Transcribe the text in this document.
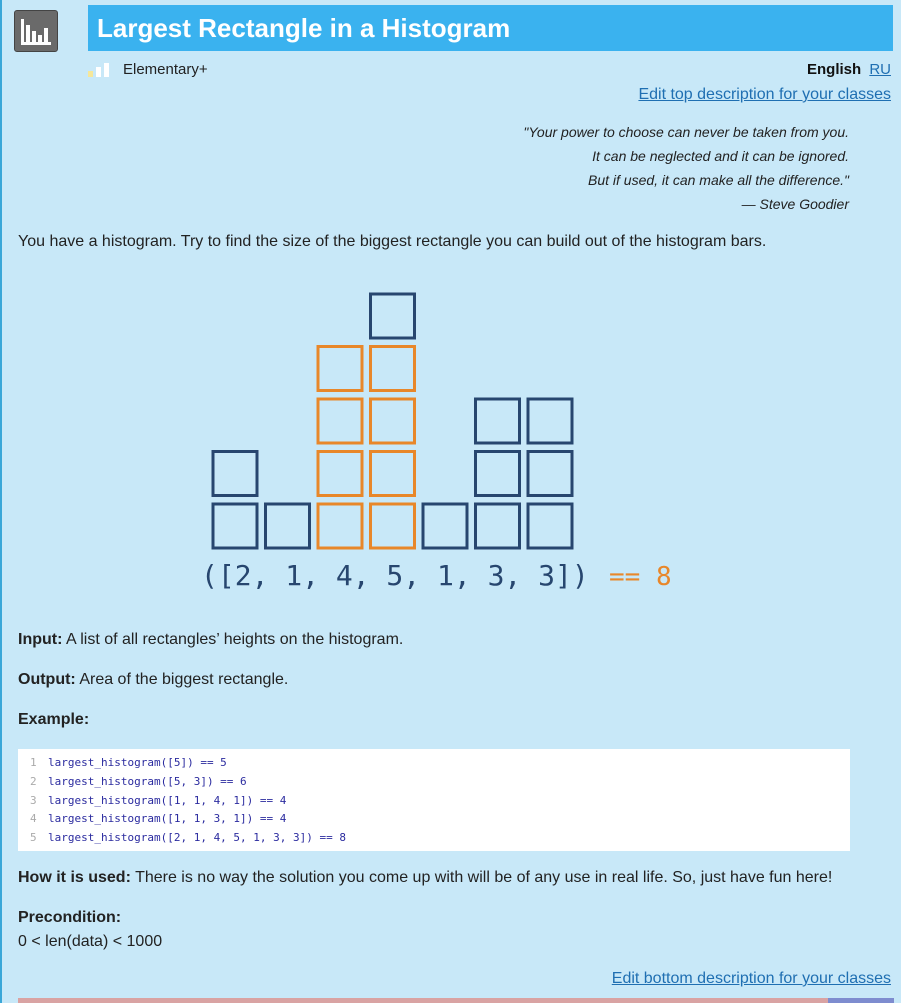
Largest Rectangle in a Histogram
Elementary+	English RU
Edit top description for your classes
"Your power to choose can never be taken from you.
It can be neglected and it can be ignored.
But if used, it can make all the difference."
— Steve Goodier
You have a histogram. Try to find the size of the biggest rectangle you can build out of the histogram bars.
([2, 1, 4, 5, 1, 3, 3]) == 8
Input: A list of all rectangles’ heights on the histogram.
Output: Area of the biggest rectangle.
Example:
1	largest_histogram([5]) == 5
2	largest_histogram([5, 3]) == 6
3	largest_histogram([1, 1, 4, 1]) == 4
4	largest_histogram([1, 1, 3, 1]) == 4
5	largest_histogram([2, 1, 4, 5, 1, 3, 3]) == 8
How it is used: There is no way the solution you come up with will be of any use in real life. So, just have fun here!
Precondition:
0 < len(data) < 1000
Edit bottom description for your classes
